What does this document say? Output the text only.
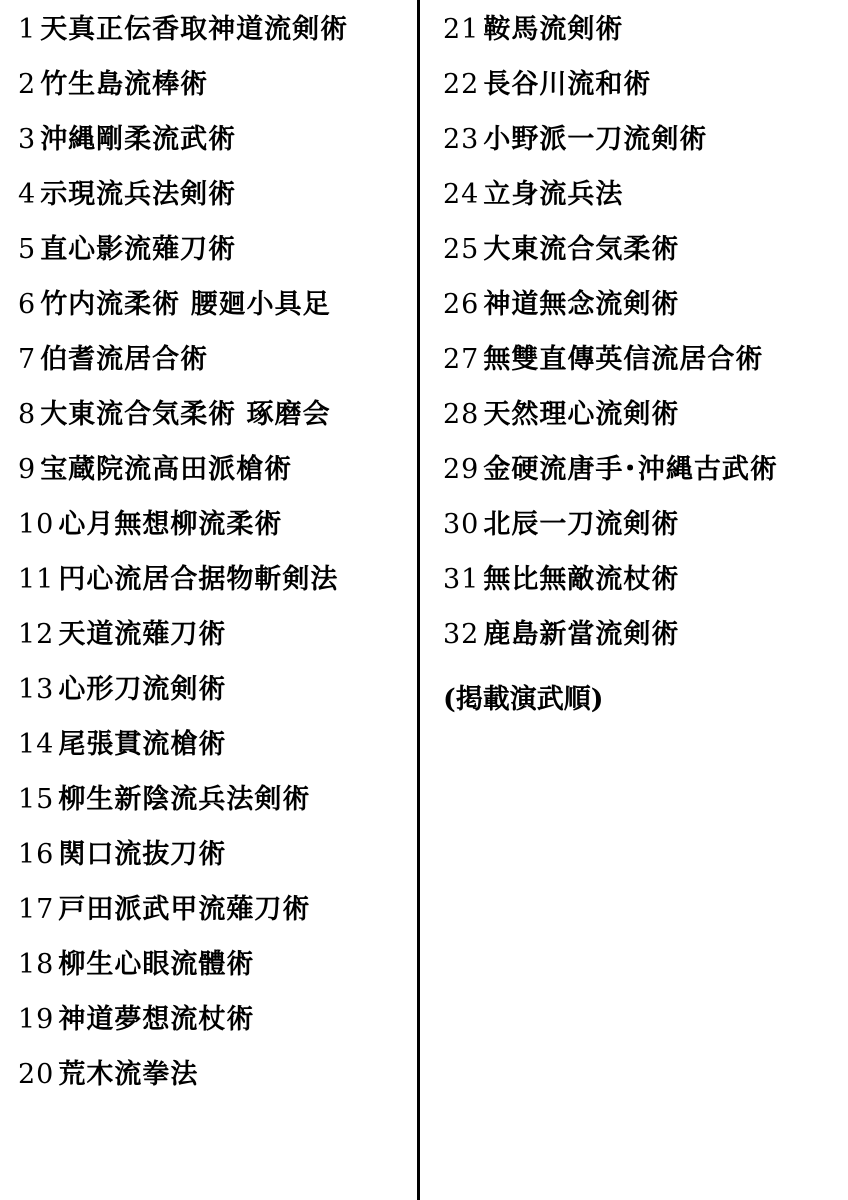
1 天真正伝香取神道流剣術
2 竹生島流棒術
3 沖縄剛柔流武術
4 示現流兵法剣術
5 直心影流薙刀術
6 竹内流柔術 腰廻小具足
7 伯耆流居合術
8 大東流合気柔術 琢磨会
9 宝蔵院流高田派槍術
10 心月無想柳流柔術
11 円心流居合据物斬剣法
12 天道流薙刀術
13 心形刀流剣術
14 尾張貫流槍術
15 柳生新陰流兵法剣術
16 関口流抜刀術
17 戸田派武甲流薙刀術
18 柳生心眼流體術
19 神道夢想流杖術
20 荒木流拳法
21 鞍馬流剣術
22 長谷川流和術
23 小野派一刀流剣術
24 立身流兵法
25 大東流合気柔術
26 神道無念流剣術
27 無雙直傳英信流居合術
28 天然理心流剣術
29 金硬流唐手･沖縄古武術
30 北辰一刀流剣術
31 無比無敵流杖術
32 鹿島新當流剣術
(掲載演武順)
